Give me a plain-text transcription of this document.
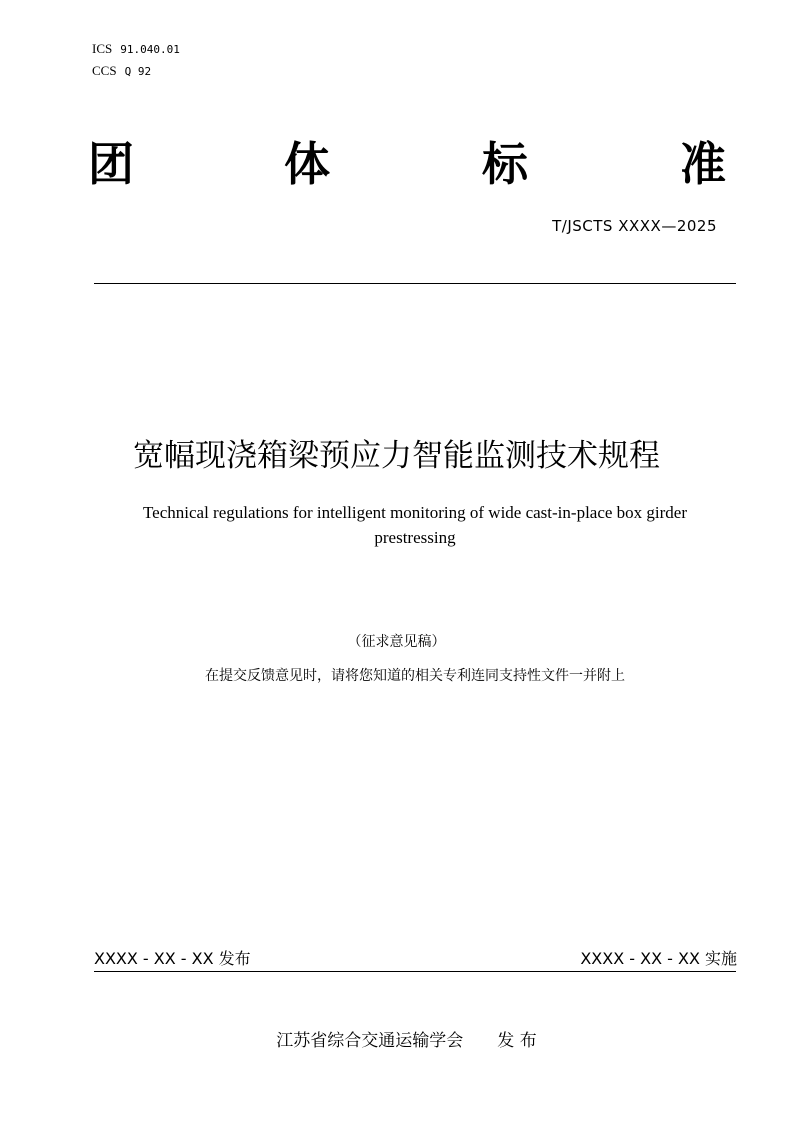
ICS 91.040.01
CCS Q 92
团	体	标	准
T/JSCTS XXXX—2025
宽幅现浇箱梁预应力智能监测技术规程
Technical regulations for intelligent monitoring of wide cast-in-place box girder
prestressing
（征求意见稿）
在提交反馈意见时，请将您知道的相关专利连同支持性文件一并附上
XXXX - XX - XX 发布	XXXX - XX - XX 实施
江苏省综合交通运输学会　　发 布
